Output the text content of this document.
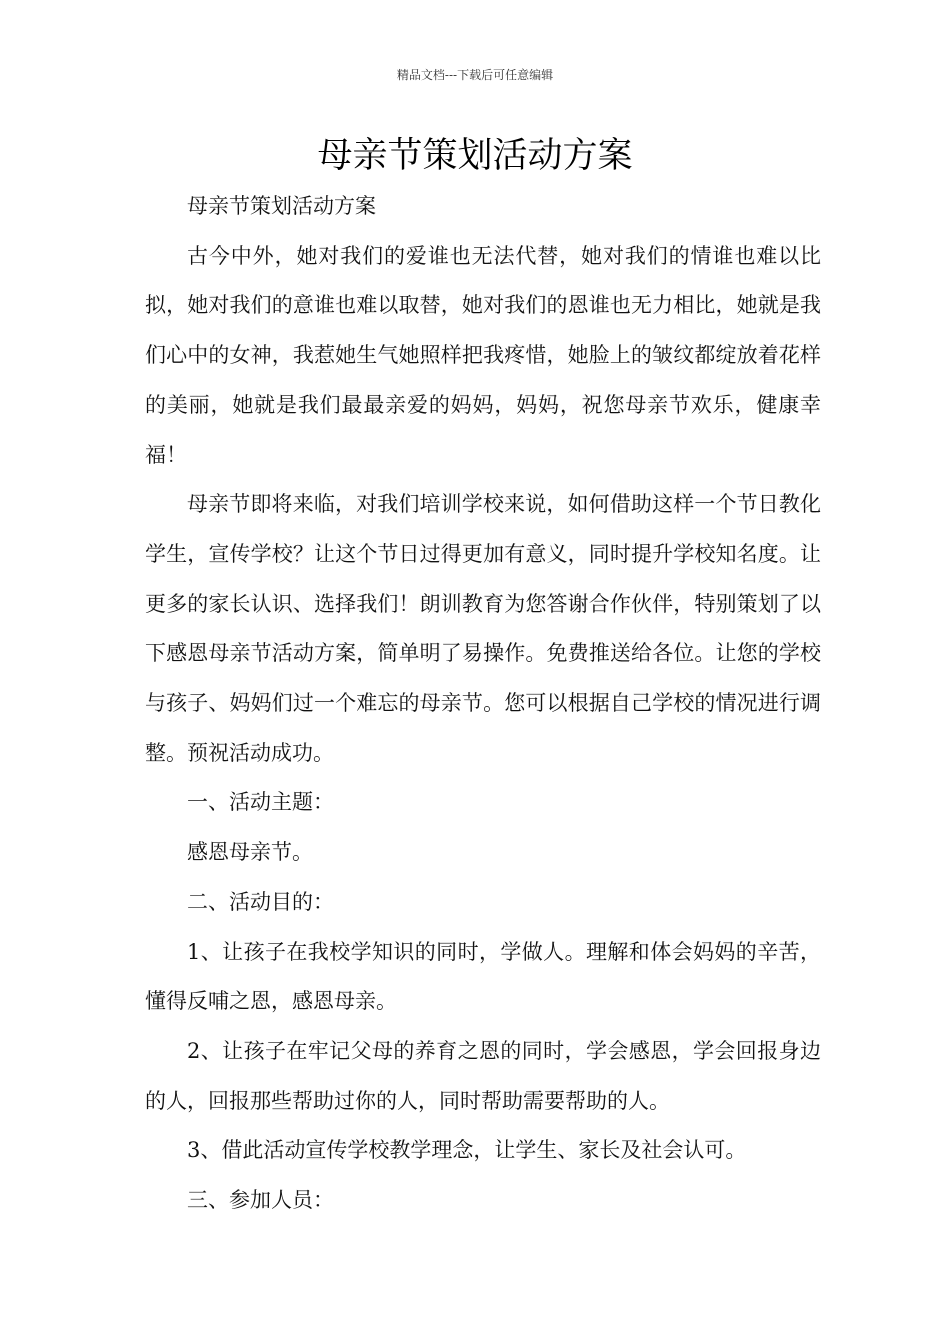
精品文档---下载后可任意编辑
母亲节策划活动方案

母亲节策划活动方案

古今中外，她对我们的爱谁也无法代替，她对我们的情谁也难以比拟，她对我们的意谁也难以取替，她对我们的恩谁也无力相比，她就是我们心中的女神，我惹她生气她照样把我疼惜，她脸上的皱纹都绽放着花样的美丽，她就是我们最最亲爱的妈妈，妈妈，祝您母亲节欢乐，健康幸福！

母亲节即将来临，对我们培训学校来说，如何借助这样一个节日教化学生，宣传学校？让这个节日过得更加有意义，同时提升学校知名度。让更多的家长认识、选择我们！朗训教育为您答谢合作伙伴，特别策划了以下感恩母亲节活动方案，简单明了易操作。免费推送给各位。让您的学校与孩子、妈妈们过一个难忘的母亲节。您可以根据自己学校的情况进行调整。预祝活动成功。

一、活动主题：

感恩母亲节。

二、活动目的：

1、让孩子在我校学知识的同时，学做人。理解和体会妈妈的辛苦，懂得反哺之恩，感恩母亲。

2、让孩子在牢记父母的养育之恩的同时，学会感恩，学会回报身边的人，回报那些帮助过你的人，同时帮助需要帮助的人。

3、借此活动宣传学校教学理念，让学生、家长及社会认可。

三、参加人员：
